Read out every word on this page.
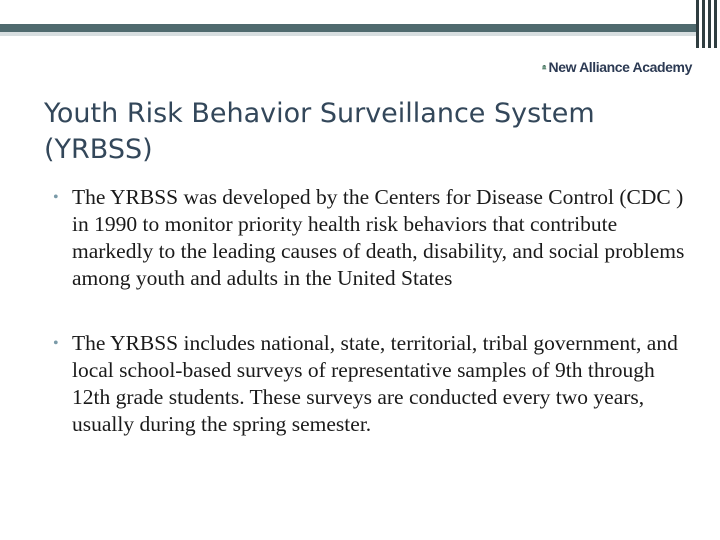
New Alliance Academy
Youth Risk Behavior Surveillance System (YRBSS)
• The YRBSS was developed by the Centers for Disease Control (CDC ) in 1990 to monitor priority health risk behaviors that contribute markedly to the leading causes of death, disability, and social problems among youth and adults in the United States
• The YRBSS includes national, state, territorial, tribal government, and local school-based surveys of representative samples of 9th through 12th grade students. These surveys are conducted every two years, usually during the spring semester.
